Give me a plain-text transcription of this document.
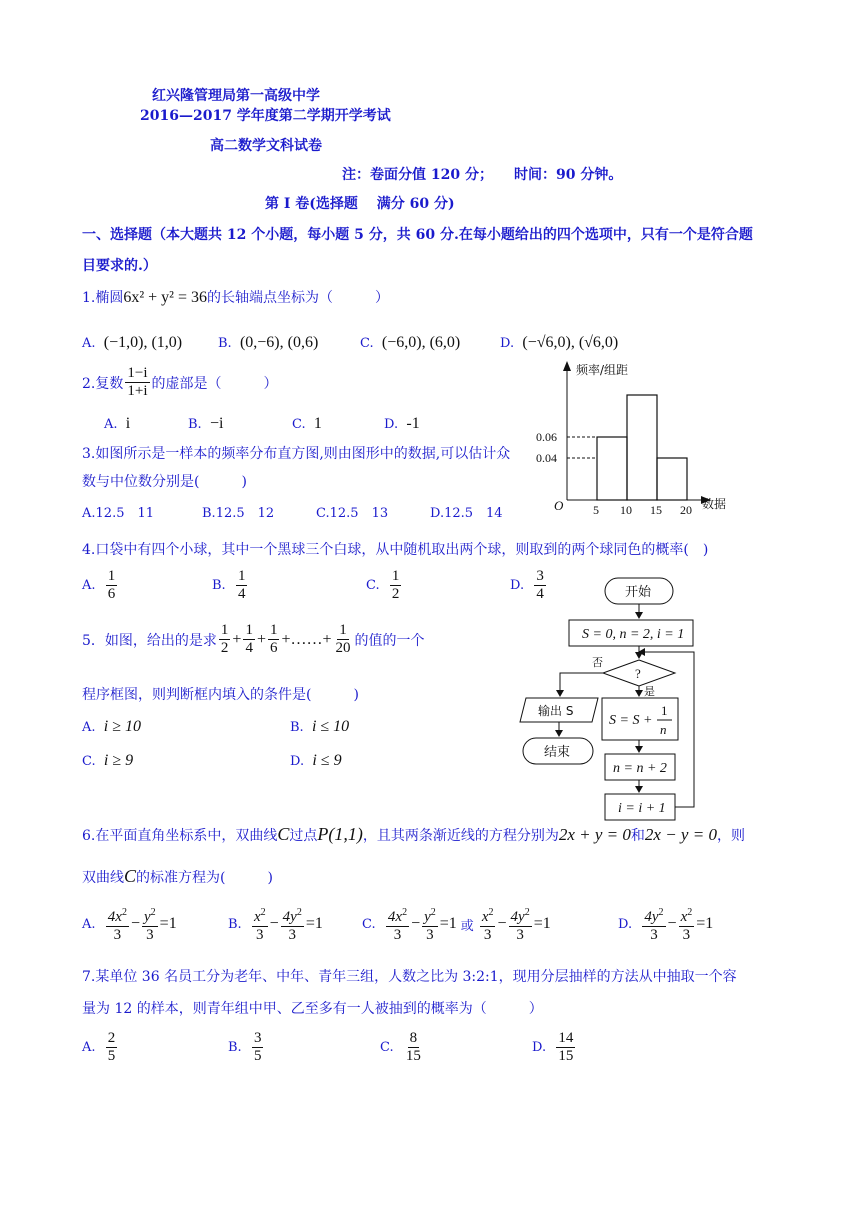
红兴隆管理局第一高级中学
2016—2017 学年度第二学期开学考试
高二数学文科试卷
注：卷面分值 120 分；　　时间：90 分钟。
第 Ⅰ 卷(选择题　 满分 60 分)
一、选择题（本大题共 12 个小题，每小题 5 分，共 60 分.在每小题给出的四个选项中，只有一个是符合题
目要求的.）
1.椭圆6x² + y² = 36的长轴端点坐标为（　　　）
A. (−1,0), (1,0)	B. (0,−6), (0,6)	C. (−6,0), (6,0)	D. (−√6,0), (√6,0)
2.复数 $\frac{1-i}{1+i}$ 的虚部是（　　　）
A. i	B. −i	C. 1	D. -1
3.如图所示是一样本的频率分布直方图,则由图形中的数据,可以估计众
数与中位数分别是(　　　)
A.12.5　11	B.12.5　12	C.12.5　13	D.12.5　14
频率/组距
数据
O
0.06
0.04
5 10 15 20
4.口袋中有四个小球，其中一个黑球三个白球，从中随机取出两个球，则取到的两个球同色的概率(　)
A.
$\frac{1}{6}$	B.
$\frac{1}{4}$	C.
$\frac{1}{2}$	D.
$\frac{3}{4}$
5．如图，给出的是求 $\frac{1}{2} + \frac{1}{4} + \frac{1}{6}$ + …… + $\frac{1}{20}$ 的值的一个
程序框图，则判断框内填入的条件是(　　　)
A. i ≥ 10	B. i ≤ 10
C. i ≥ 9	D. i ≤ 9
开始
S = 0, n = 2, i = 1
?
否
是
输出 S
结束
S = S +
1
n
n = n + 2
i = i + 1
6.在平面直角坐标系中，双曲线C过点P(1,1)，且其两条渐近线的方程分别为2x + y = 0和2x − y = 0，则
双曲线C的标准方程为(　　　)
A.
$\frac{4x^2}{3} - \frac{y^2}{3} =1$	B.
$\frac{x^2}{3} - \frac{4y^2}{3} =1$	C.
$\frac{4x^2}{3} - \frac{y^2}{3} =1$ 或 $\frac{x^2}{3} - \frac{4y^2}{3} =1$	D.
$\frac{4y^2}{3} - \frac{x^2}{3} =1$
7.某单位 36 名员工分为老年、中年、青年三组，人数之比为 3:2:1，现用分层抽样的方法从中抽取一个容
量为 12 的样本，则青年组中甲、乙至多有一人被抽到的概率为（　　　）
A.
$\frac{2}{5}$	B.
$\frac{3}{5}$	C.
$\frac{8}{15}$	D.
$\frac{14}{15}$
